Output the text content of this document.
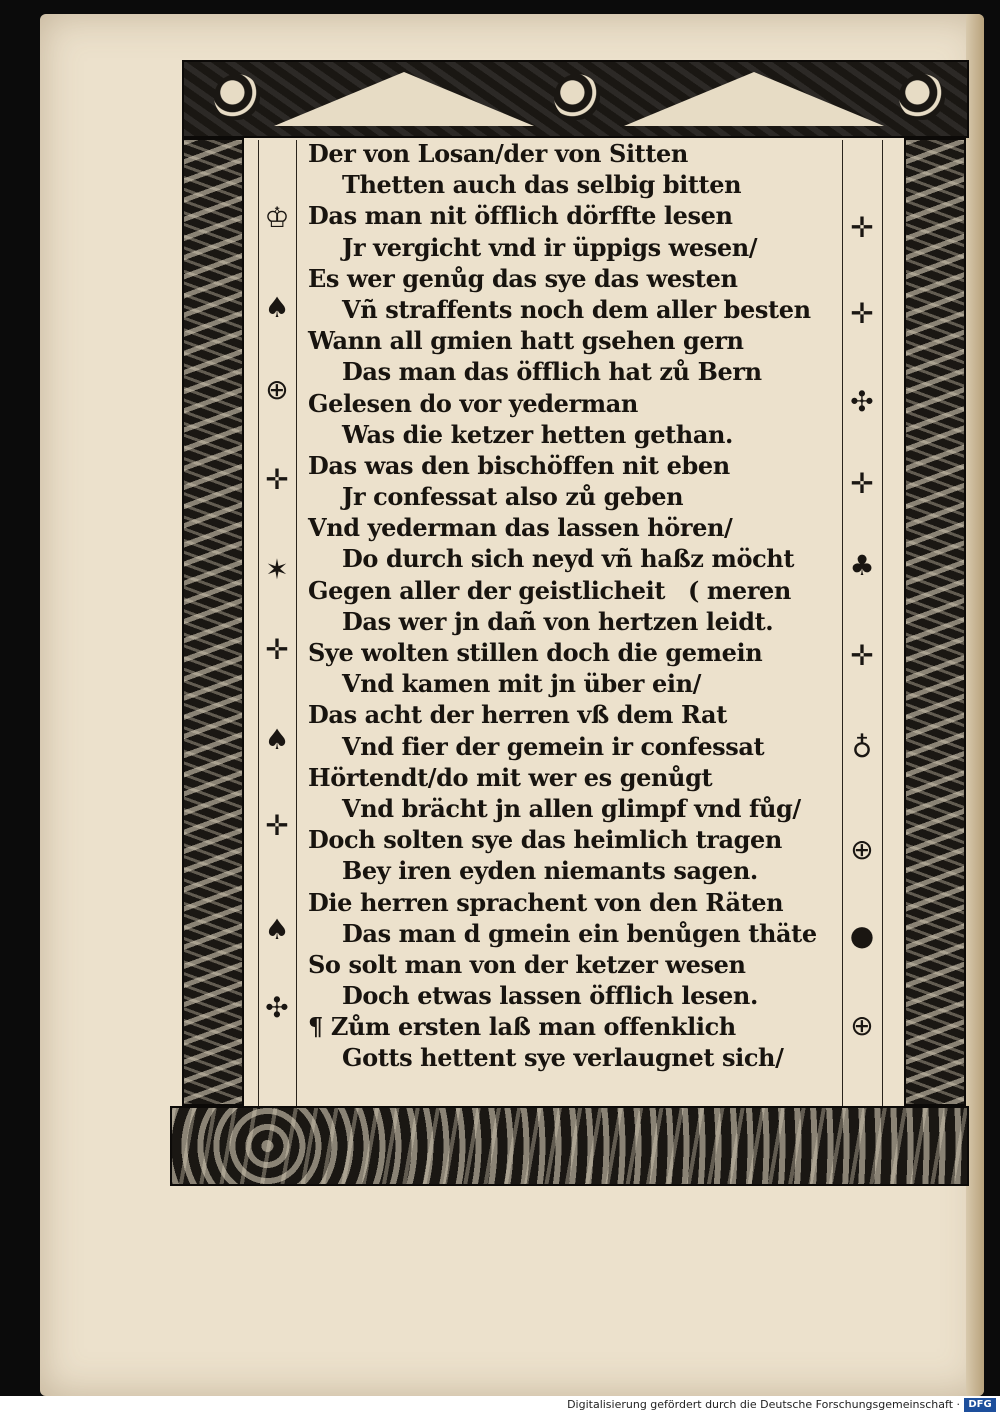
♔
♠
⊕
✛
✶
✛
♠
✛
♠
✣
✛
✛
✣
✛
♣
✛
♁
⊕
●
⊕
Der von Losan/der von Sitten
Thetten auch das selbig bitten
Das man nit öfflich dörffte lesen
Jr vergicht vnd ir üppigs wesen/
Es wer genůg das sye das westen
Vñ straffents noch dem aller besten
Wann all gmien hatt gsehen gern
Das man das öfflich hat zů Bern
Gelesen do vor yederman
Was die ketzer hetten gethan.
Das was den bischöffen nit eben
Jr confessat also zů geben
Vnd yederman das lassen hören/
Do durch sich neyd vñ haßz möcht
Gegen aller der geistlicheit ( meren
Das wer jn dañ von hertzen leidt.
Sye wolten stillen doch die gemein
Vnd kamen mit jn über ein/
Das acht der herren vß dem Rat
Vnd fier der gemein ir confessat
Hörtendt/do mit wer es genůgt
Vnd brächt jn allen glimpf vnd fůg/
Doch solten sye das heimlich tragen
Bey iren eyden niemants sagen.
Die herren sprachent von den Räten
Das man d gmein ein benůgen thäte
So solt man von der ketzer wesen
Doch etwas lassen öfflich lesen.
¶ Zům ersten laß man offenklich
Gotts hettent sye verlaugnet sich/
Digitalisierung gefördert durch die Deutsche Forschungsgemeinschaft · DFG
